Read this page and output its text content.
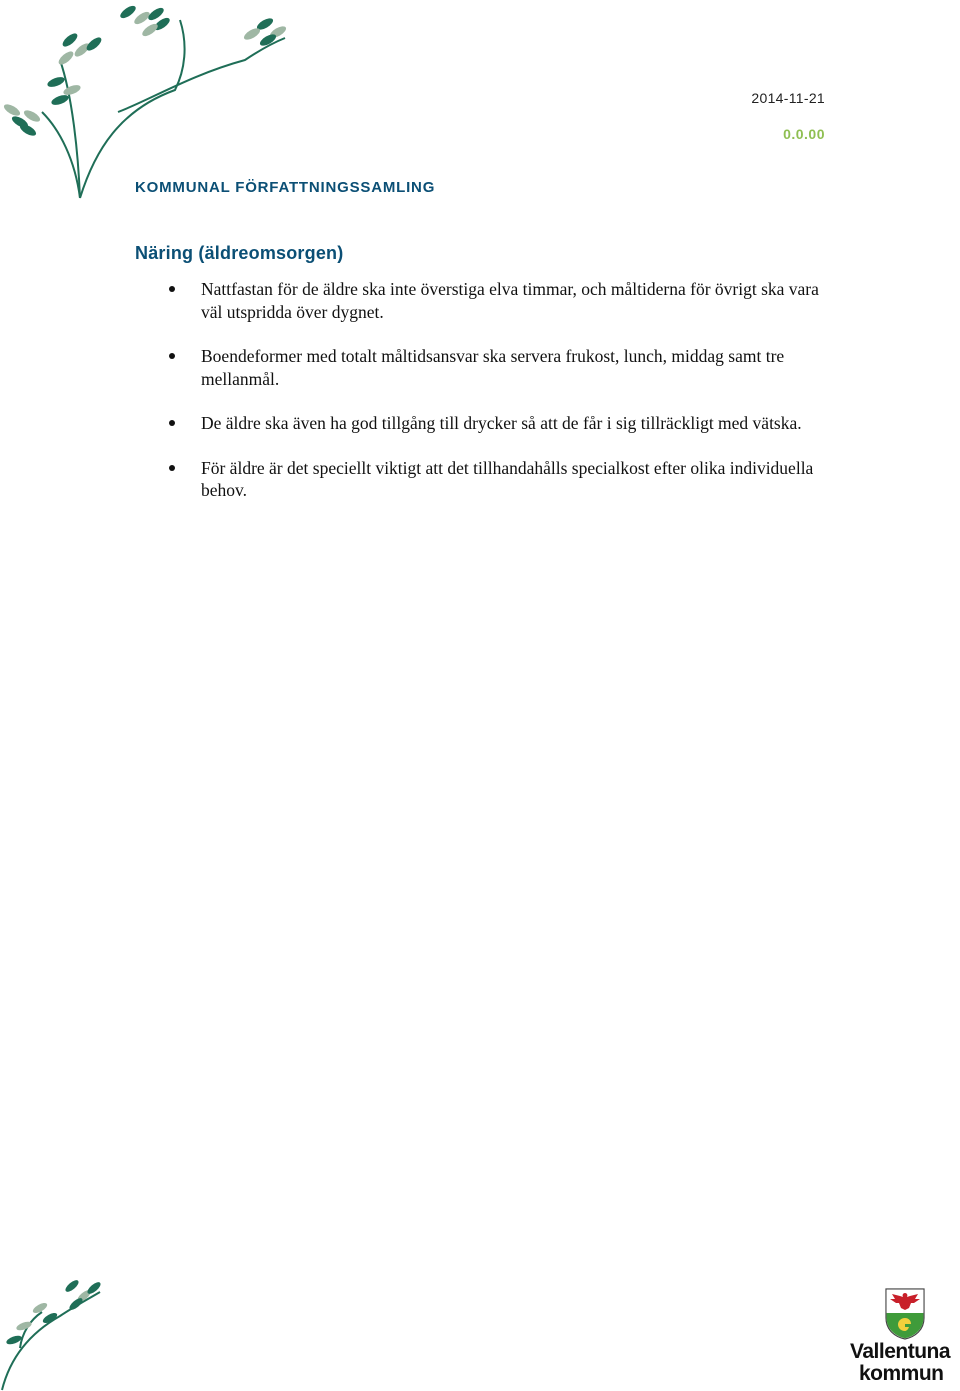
2014-11-21
0.0.00
KOMMUNAL FÖRFATTNINGSSAMLING
Näring (äldreomsorgen)
Nattfastan för de äldre ska inte överstiga elva timmar, och måltiderna för övrigt ska vara väl utspridda över dygnet.
Boendeformer med totalt måltidsansvar ska servera frukost, lunch, middag samt tre mellanmål.
De äldre ska även ha god tillgång till drycker så att de får i sig tillräckligt med vätska.
För äldre är det speciellt viktigt att det tillhandahålls specialkost efter olika individuella behov.
Vallentuna
kommun
